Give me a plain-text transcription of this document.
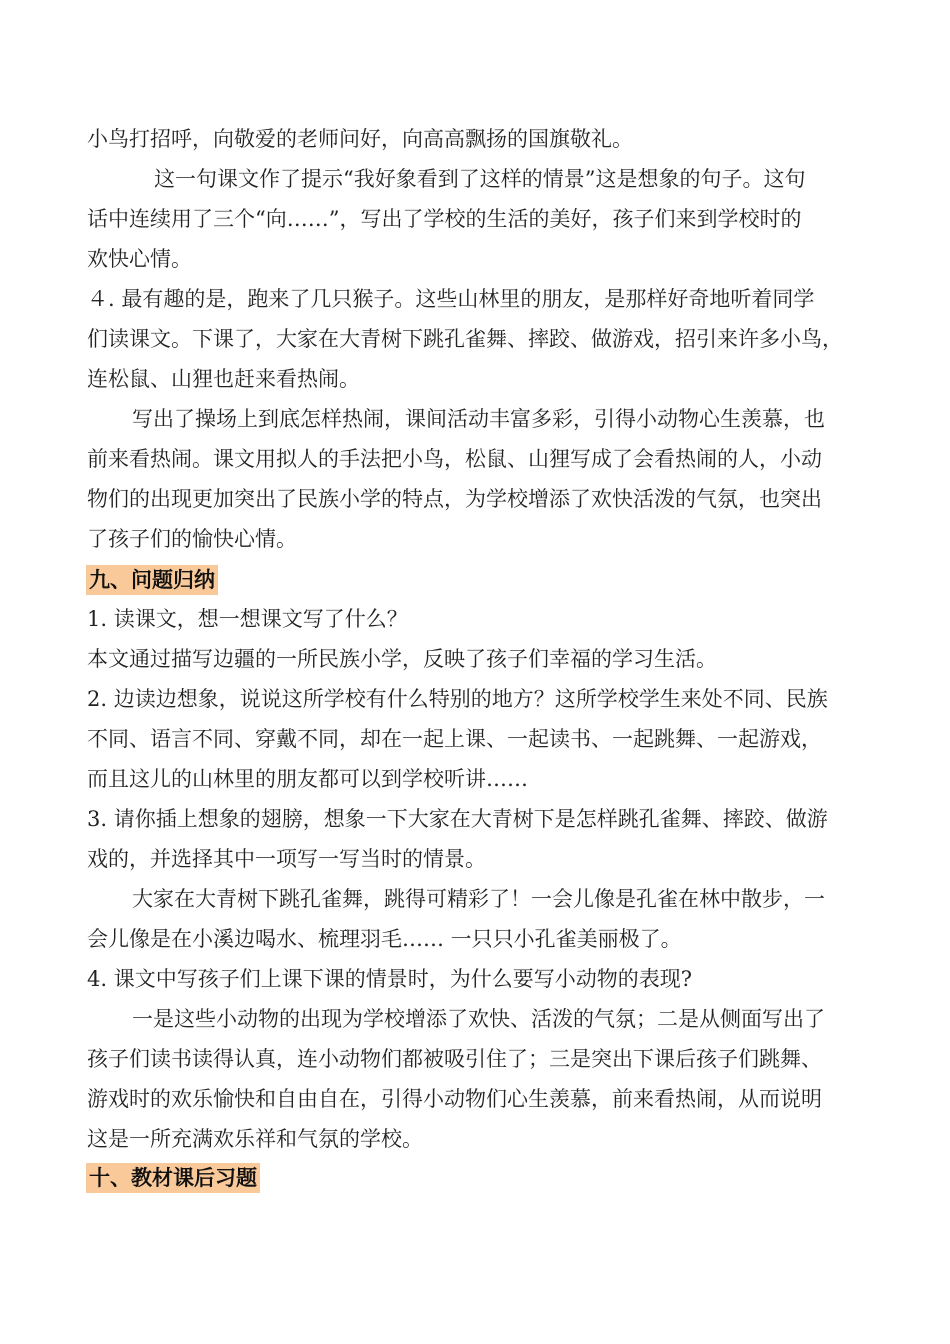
小鸟打招呼，向敬爱的老师问好，向高高飘扬的国旗敬礼。
这一句课文作了提示“我好象看到了这样的情景”这是想象的句子。这句
话中连续用了三个“向……”，写出了学校的生活的美好，孩子们来到学校时的
欢快心情。
４. 最有趣的是，跑来了几只猴子。这些山林里的朋友，是那样好奇地听着同学
们读课文。下课了，大家在大青树下跳孔雀舞、摔跤、做游戏，招引来许多小鸟，
连松鼠、山狸也赶来看热闹。
写出了操场上到底怎样热闹，课间活动丰富多彩，引得小动物心生羡慕，也
前来看热闹。课文用拟人的手法把小鸟，松鼠、山狸写成了会看热闹的人，小动
物们的出现更加突出了民族小学的特点，为学校增添了欢快活泼的气氛，也突出
了孩子们的愉快心情。
九、问题归纳
1. 读课文，想一想课文写了什么？
本文通过描写边疆的一所民族小学，反映了孩子们幸福的学习生活。
2. 边读边想象，说说这所学校有什么特别的地方？这所学校学生来处不同、民族
不同、语言不同、穿戴不同，却在一起上课、一起读书、一起跳舞、一起游戏，
而且这儿的山林里的朋友都可以到学校听讲……
3. 请你插上想象的翅膀，想象一下大家在大青树下是怎样跳孔雀舞、摔跤、做游
戏的，并选择其中一项写一写当时的情景。
大家在大青树下跳孔雀舞，跳得可精彩了！一会儿像是孔雀在林中散步，一
会儿像是在小溪边喝水、梳理羽毛…… 一只只小孔雀美丽极了。
4. 课文中写孩子们上课下课的情景时，为什么要写小动物的表现?
一是这些小动物的出现为学校增添了欢快、活泼的气氛；二是从侧面写出了
孩子们读书读得认真，连小动物们都被吸引住了；三是突出下课后孩子们跳舞、
游戏时的欢乐愉快和自由自在，引得小动物们心生羡慕，前来看热闹，从而说明
这是一所充满欢乐祥和气氛的学校。
十、教材课后习题
